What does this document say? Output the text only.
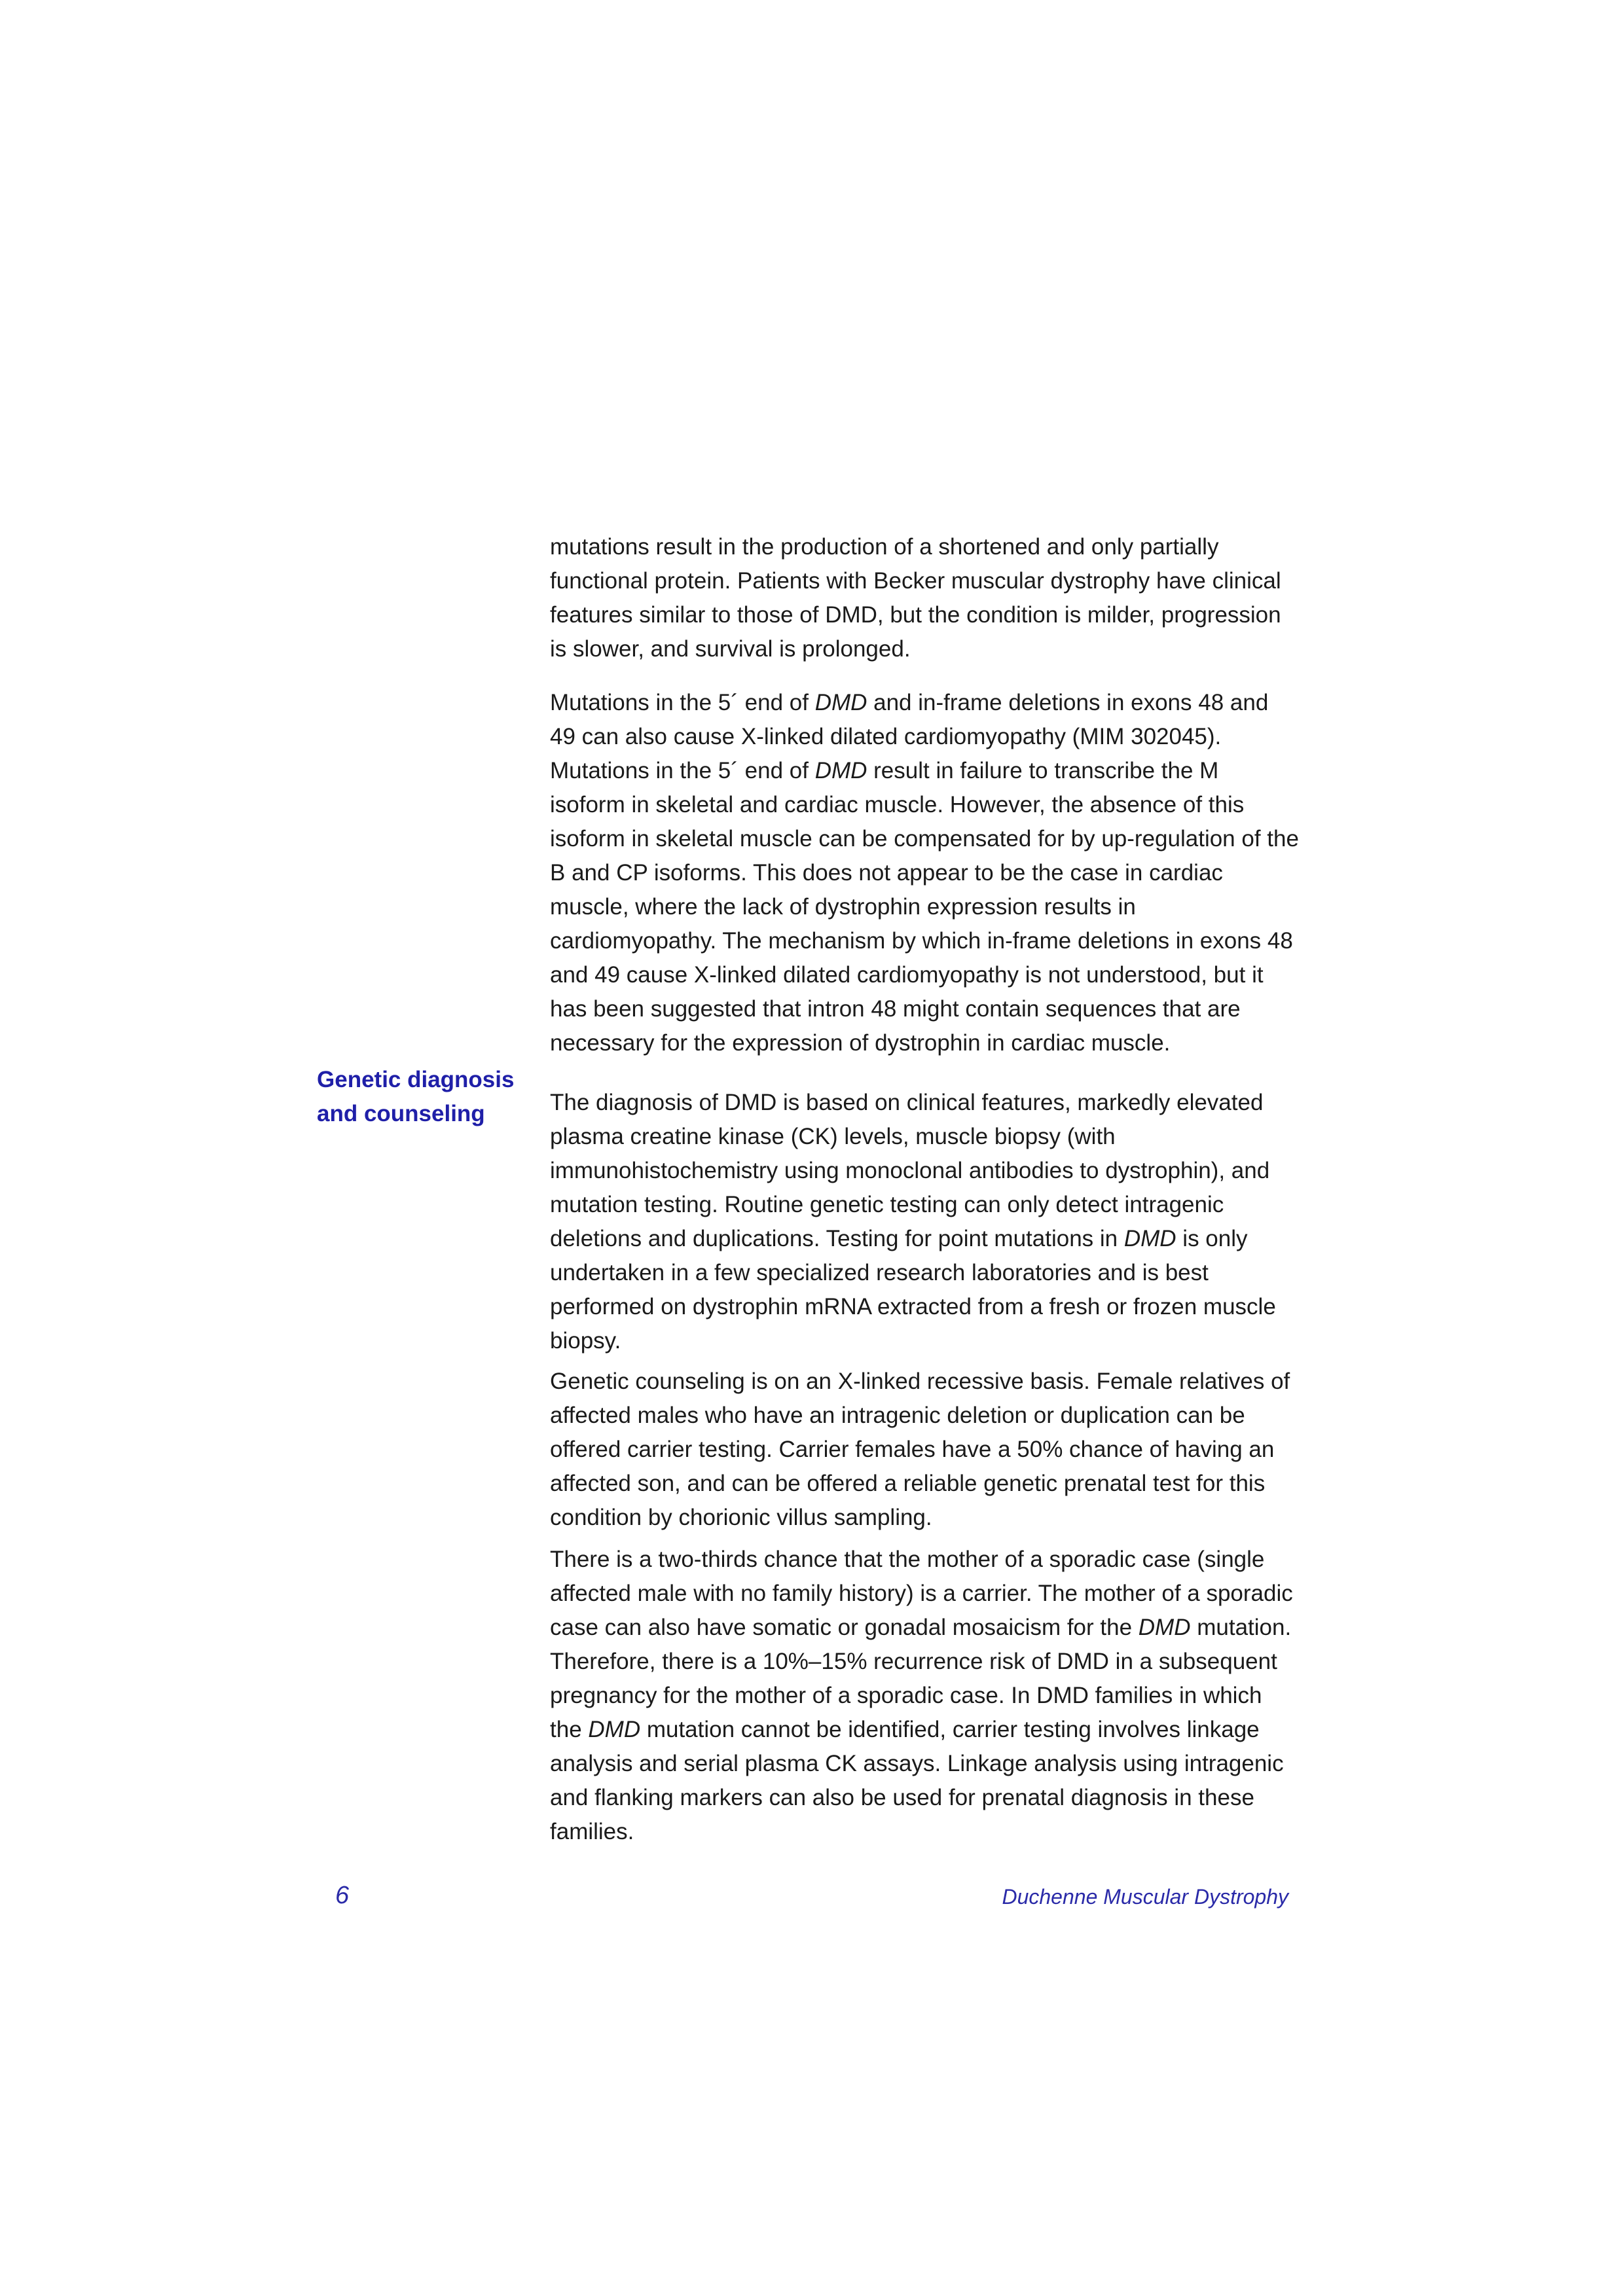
mutations result in the production of a shortened and only partially functional protein. Patients with Becker muscular dystrophy have clinical features similar to those of DMD, but the condition is milder, progression is slower, and survival is prolonged.

Mutations in the 5´ end of DMD and in-frame deletions in exons 48 and 49 can also cause X-linked dilated cardiomyopathy (MIM 302045). Mutations in the 5´ end of DMD result in failure to transcribe the M isoform in skeletal and cardiac muscle. However, the absence of this isoform in skeletal muscle can be compensated for by up-regulation of the B and CP isoforms. This does not appear to be the case in cardiac muscle, where the lack of dystrophin expression results in cardiomyopathy. The mechanism by which in-frame deletions in exons 48 and 49 cause X-linked dilated cardiomyopathy is not understood, but it has been suggested that intron 48 might contain sequences that are necessary for the expression of dystrophin in cardiac muscle.

Genetic diagnosis
and counseling	The diagnosis of DMD is based on clinical features, markedly elevated plasma creatine kinase (CK) levels, muscle biopsy (with immunohistochemistry using monoclonal antibodies to dystrophin), and mutation testing. Routine genetic testing can only detect intragenic deletions and duplications. Testing for point mutations in DMD is only undertaken in a few specialized research laboratories and is best performed on dystrophin mRNA extracted from a fresh or frozen muscle biopsy.

Genetic counseling is on an X-linked recessive basis. Female relatives of affected males who have an intragenic deletion or duplication can be offered carrier testing. Carrier females have a 50% chance of having an affected son, and can be offered a reliable genetic prenatal test for this condition by chorionic villus sampling.

There is a two-thirds chance that the mother of a sporadic case (single affected male with no family history) is a carrier. The mother of a sporadic case can also have somatic or gonadal mosaicism for the DMD mutation. Therefore, there is a 10%–15% recurrence risk of DMD in a subsequent pregnancy for the mother of a sporadic case. In DMD families in which the DMD mutation cannot be identified, carrier testing involves linkage analysis and serial plasma CK assays. Linkage analysis using intragenic and flanking markers can also be used for prenatal diagnosis in these families.

6	Duchenne Muscular Dystrophy
